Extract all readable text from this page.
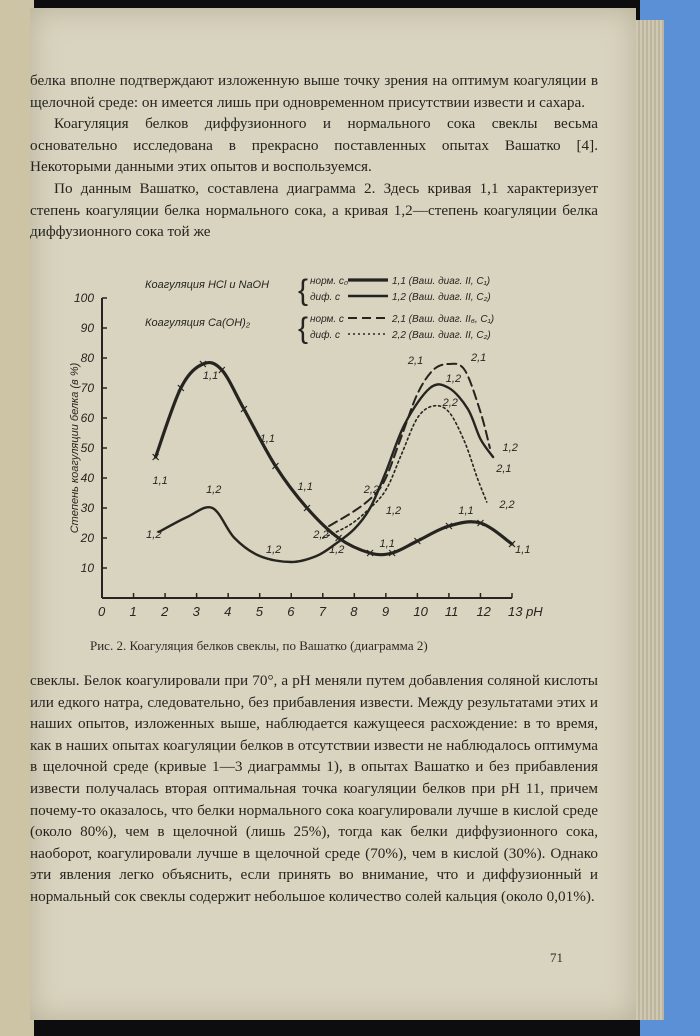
белка вполне подтверждают изложенную выше точку зрения на оптимум коагуляции в щелочной среде: он имеется лишь при одновременном присутствии извести и сахара.

Коагуляция белков диффузионного и нормального сока свеклы весьма основательно исследована в прекрасно поставленных опытах Вашатко [4]. Некоторыми данными этих опытов и воспользуемся.

По данным Вашатко, составлена диаграмма 2. Здесь кривая 1,1 характеризует степень коагуляции белка нормального сока, а кривая 1,2—степень коагуляции белка диффузионного сока той же

0 1 2 3 4 5 6 7 8 9 10 11 12 13 pH
10
20
30
40
50
60
70
80
90
100
Степень коагуляции белка (в %)	1,1
1,1
1,1
1,1
1,1
1,1
1,1
1,2
1,2
1,2	1,2
1,2
1,2
1,2
2,1	2,1
2,1
2,2
2,2
2,2
2,2
Коагуляция HCl и NaOH
Коагуляция Ca(OH)₂
{
{
норм. с₀	1,1 (Ваш. диаг. II, С₁)
диф. с	1,2 (Ваш. диаг. II, С₂)
норм. с	2,1 (Ваш. диаг. II₆, С₁)
диф. с	2,2 (Ваш. диаг. II, С₂)
Рис. 2. Коагуляция белков свеклы, по Вашатко (диаграмма 2)

свеклы. Белок коагулировали при 70°, а pH меняли путем добавления соляной кислоты или едкого натра, следовательно, без прибавления извести. Между результатами этих и наших опытов, изложенных выше, наблюдается кажущееся расхождение: в то время, как в наших опытах коагуляции белков в отсутствии извести не наблюдалось оптимума в щелочной среде (кривые 1—3 диаграммы 1), в опытах Вашатко и без прибавления извести получалась вторая оптимальная точка коагуляции белков при pH 11, причем почему-то оказалось, что белки нормального сока коагулировали лучше в кислой среде (около 80%), чем в щелочной (лишь 25%), тогда как белки диффузионного сока, наоборот, коагулировали лучше в щелочной среде (70%), чем в кислой (30%). Однако эти явления легко объяснить, если принять во внимание, что и диффузионный и нормальный сок свеклы содержит небольшое количество солей кальция (около 0,01%).

71
